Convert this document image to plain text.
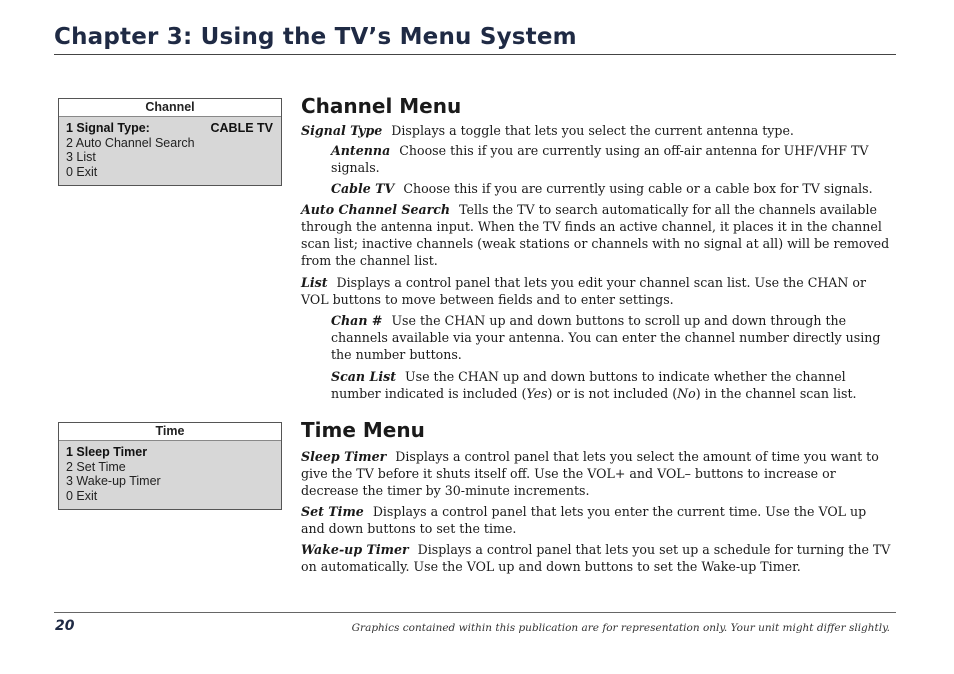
Chapter 3: Using the TV’s Menu System
Channel
1 Signal Type:	CABLE TV
2 Auto Channel Search
3 List
0 Exit
Time
1 Sleep Timer
2 Set Time
3 Wake-up Timer
0 Exit
Channel Menu

Signal Type Displays a toggle that lets you select the current antenna type.

Antenna Choose this if you are currently using an off-air antenna for UHF/VHF TV signals.

Cable TV Choose this if you are currently using cable or a cable box for TV signals.

Auto Channel Search Tells the TV to search automatically for all the channels available through the antenna input. When the TV finds an active channel, it places it in the channel scan list; inactive channels (weak stations or channels with no signal at all) will be removed from the channel list.

List Displays a control panel that lets you edit your channel scan list. Use the CHAN or VOL buttons to move between fields and to enter settings.

Chan # Use the CHAN up and down buttons to scroll up and down through the channels available via your antenna. You can enter the channel number directly using the number buttons.

Scan List Use the CHAN up and down buttons to indicate whether the channel number indicated is included (Yes) or is not included (No) in the channel scan list.

Time Menu

Sleep Timer Displays a control panel that lets you select the amount of time you want to give the TV before it shuts itself off. Use the VOL+ and VOL– buttons to increase or decrease the timer by 30-minute increments.

Set Time Displays a control panel that lets you enter the current time. Use the VOL up and down buttons to set the time.

Wake-up Timer Displays a control panel that lets you set up a schedule for turning the TV on automatically. Use the VOL up and down buttons to set the Wake-up Timer.

20	Graphics contained within this publication are for representation only. Your unit might differ slightly.
